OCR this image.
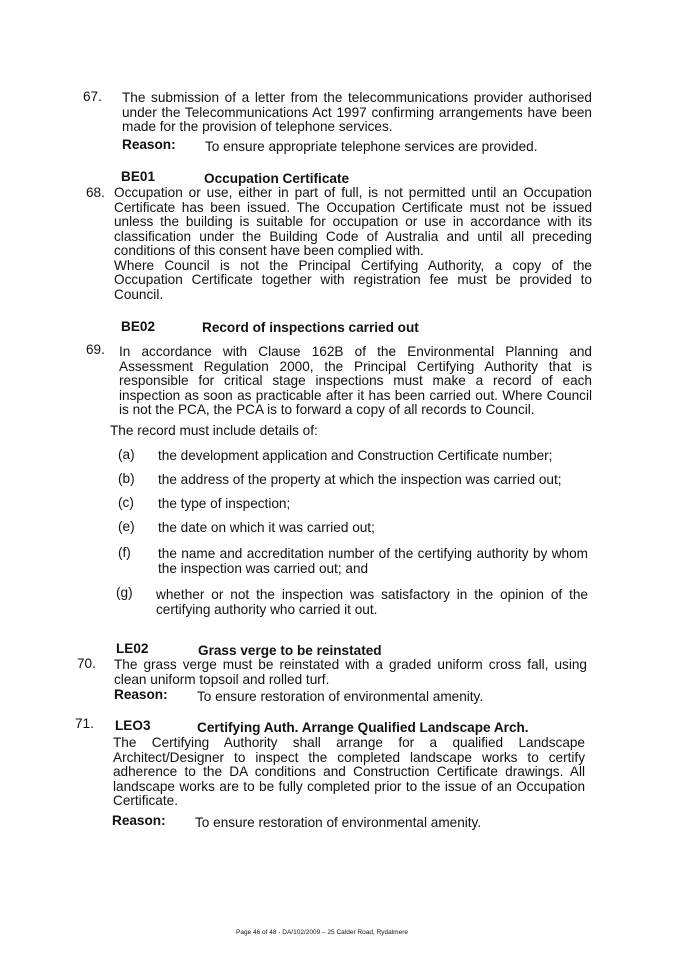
67. The submission of a letter from the telecommunications provider authorised under the Telecommunications Act 1997 confirming arrangements have been made for the provision of telephone services.

Reason: To ensure appropriate telephone services are provided.
BE01	Occupation Certificate
68. Occupation or use, either in part of full, is not permitted until an Occupation Certificate has been issued. The Occupation Certificate must not be issued unless the building is suitable for occupation or use in accordance with its classification under the Building Code of Australia and until all preceding conditions of this consent have been complied with.

Where Council is not the Principal Certifying Authority, a copy of the Occupation Certificate together with registration fee must be provided to Council.

BE02	Record of inspections carried out
69. In accordance with Clause 162B of the Environmental Planning and Assessment Regulation 2000, the Principal Certifying Authority that is responsible for critical stage inspections must make a record of each inspection as soon as practicable after it has been carried out. Where Council is not the PCA, the PCA is to forward a copy of all records to Council.

The record must include details of:
(a) the development application and Construction Certificate number;
(b) the address of the property at which the inspection was carried out;
(c) the type of inspection;
(e) the date on which it was carried out;
(f) the name and accreditation number of the certifying authority by whom the inspection was carried out; and
(g) whether or not the inspection was satisfactory in the opinion of the certifying authority who carried it out.
LE02	Grass verge to be reinstated
70. The grass verge must be reinstated with a graded uniform cross fall, using clean uniform topsoil and rolled turf.

Reason: To ensure restoration of environmental amenity.
71. LEO3	Certifying Auth. Arrange Qualified Landscape Arch.

The Certifying Authority shall arrange for a qualified Landscape Architect/Designer to inspect the completed landscape works to certify adherence to the DA conditions and Construction Certificate drawings. All landscape works are to be fully completed prior to the issue of an Occupation Certificate.

Reason: To ensure restoration of environmental amenity.
Page 46 of 48 - DA/102/2009 – 25 Calder Road, Rydalmere
